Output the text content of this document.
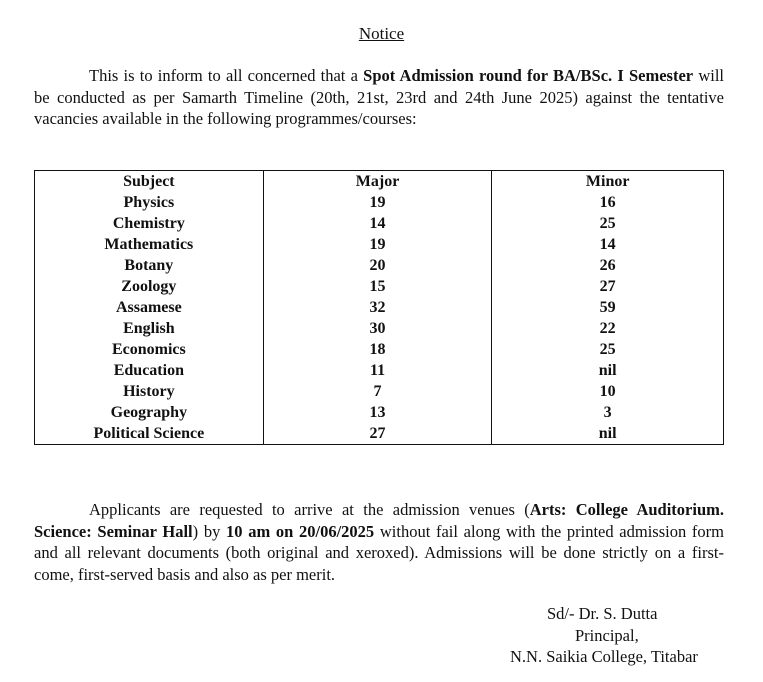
Notice

This is to inform to all concerned that a Spot Admission round for BA/BSc. I Semester will be conducted as per Samarth Timeline (20th, 21st, 23rd and 24th June 2025) against the tentative vacancies available in the following programmes/courses:

Subject	Major	Minor
Physics	19	16
Chemistry	14	25
Mathematics	19	14
Botany	20	26
Zoology	15	27
Assamese	32	59
English	30	22
Economics	18	25
Education	11	nil
History	7	10
Geography	13	3
Political Science	27	nil

Applicants are requested to arrive at the admission venues (Arts: College Auditorium. Science: Seminar Hall) by 10 am on 20/06/2025 without fail along with the printed admission form and all relevant documents (both original and xeroxed). Admissions will be done strictly on a first-come, first-served basis and also as per merit.

Sd/- Dr. S. Dutta
Principal,
N.N. Saikia College, Titabar
